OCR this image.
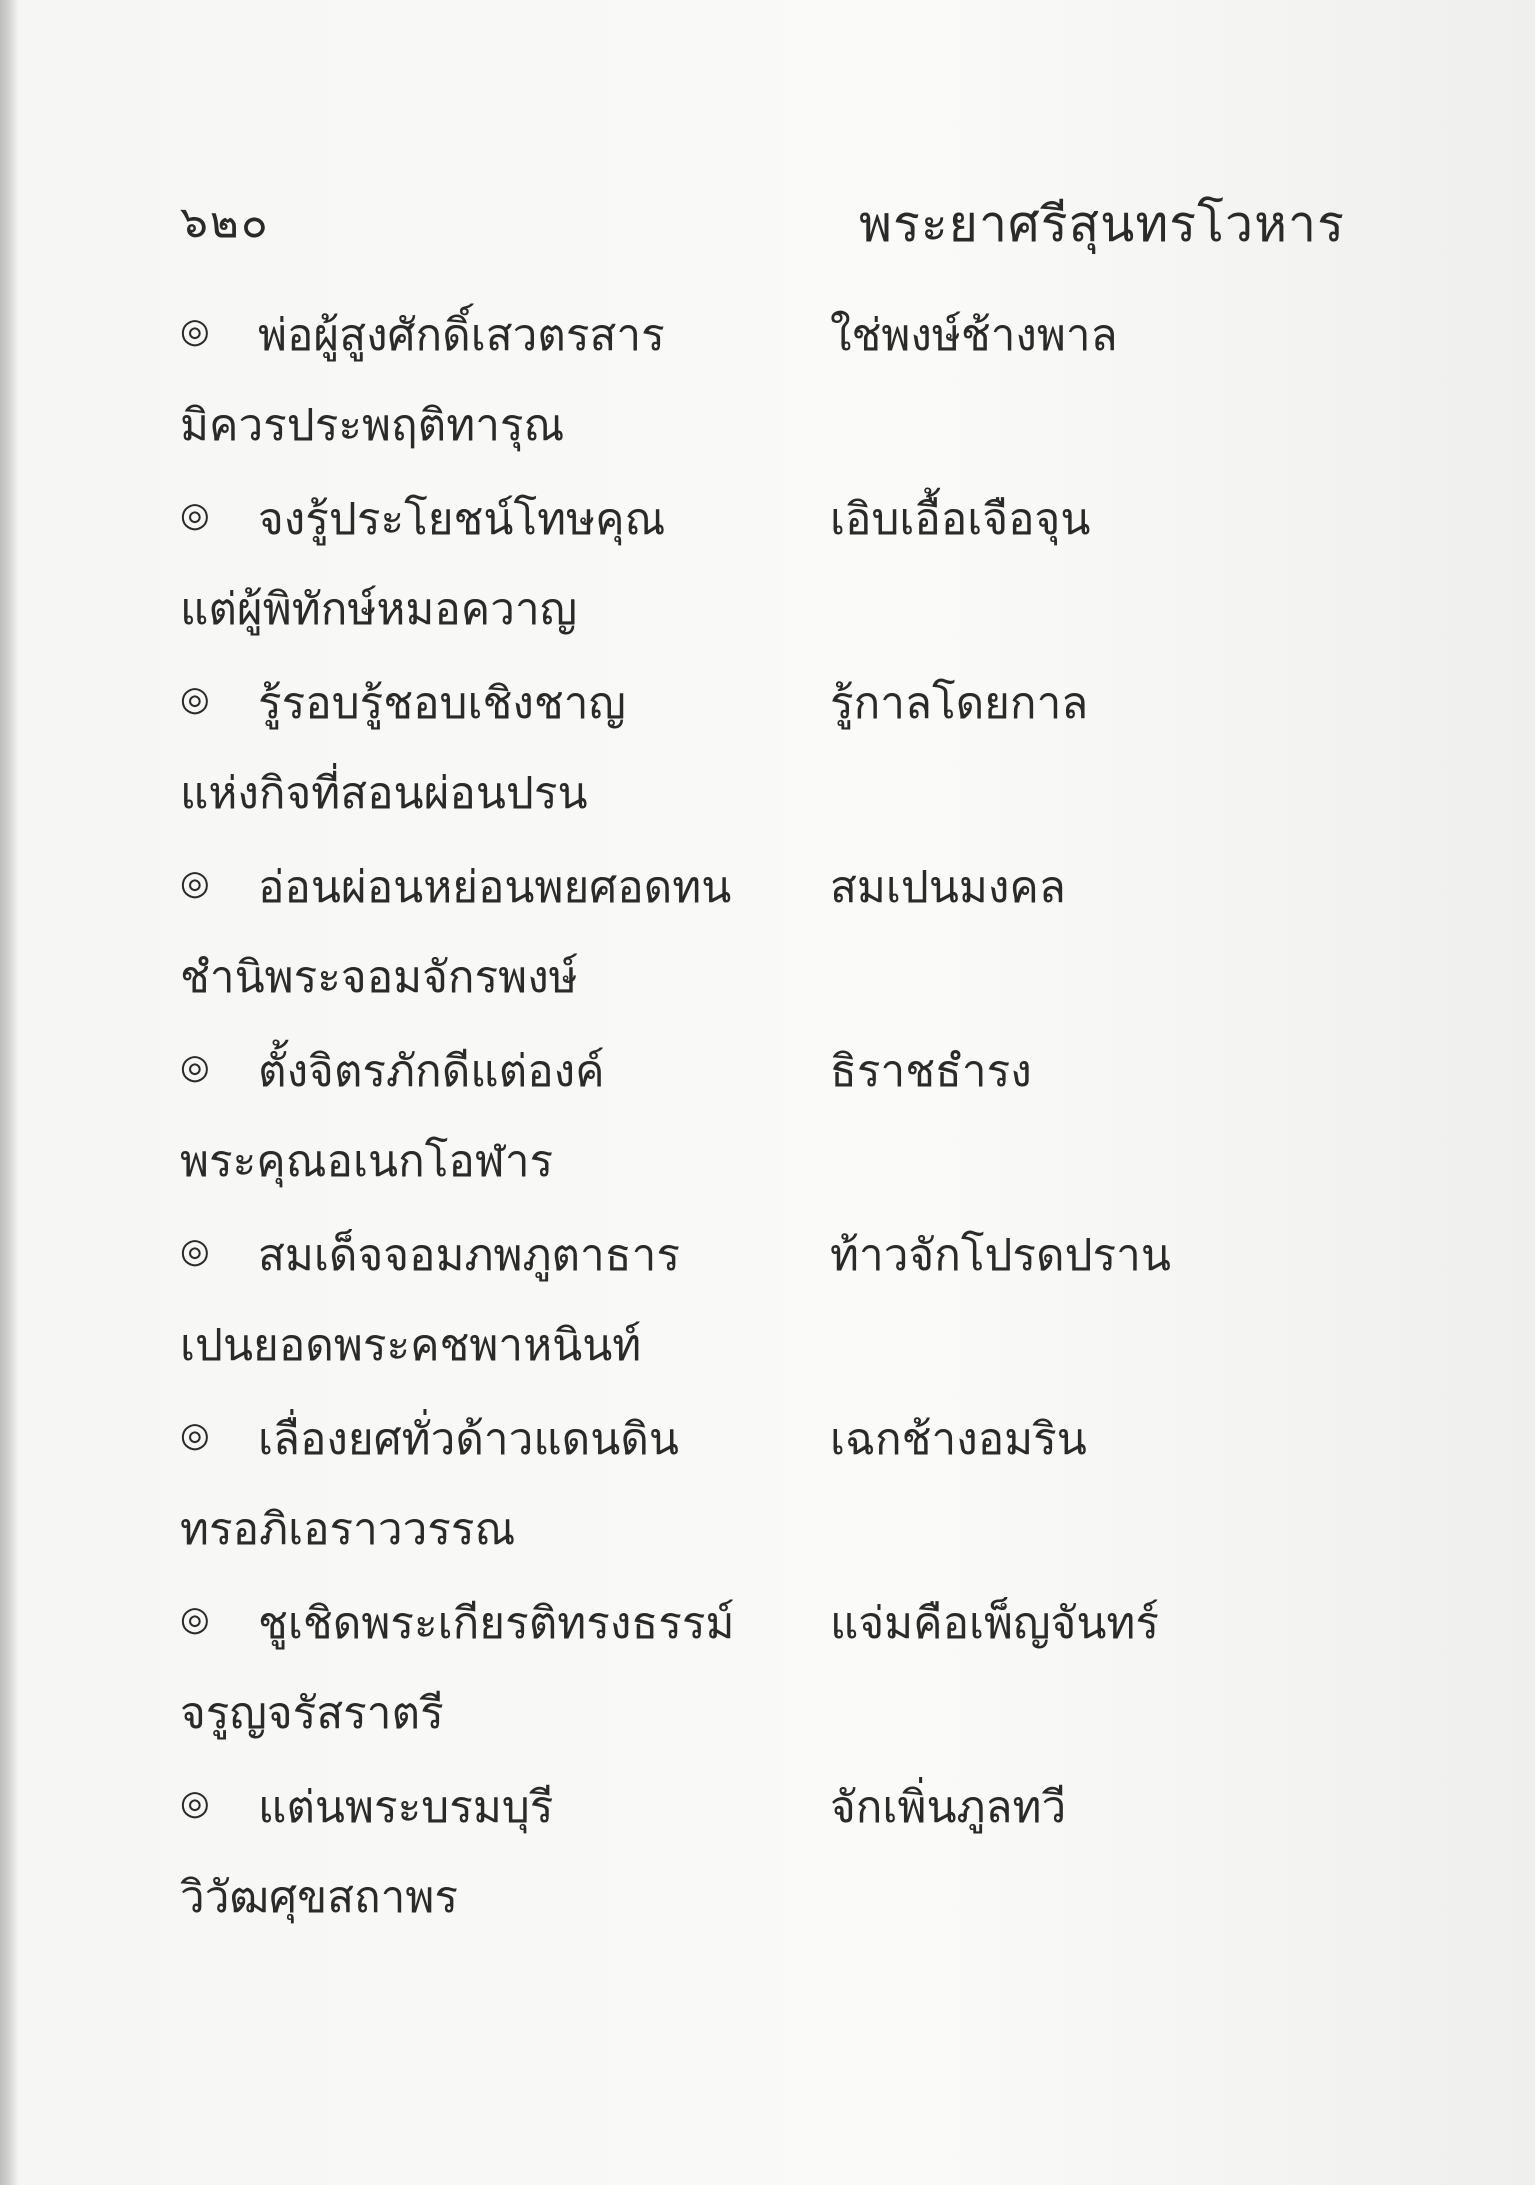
๖๒๐	พระยาศรีสุนทรโวหาร
◎ พ่อผู้สูงศักดิ์เสวตรสาร	ใช่พงษ์ช้างพาล
มิควรประพฤติทารุณ
◎ จงรู้ประโยชน์โทษคุณ	เอิบเอื้อเจือจุน
แต่ผู้พิทักษ์หมอควาญ
◎ รู้รอบรู้ชอบเชิงชาญ	รู้กาลโดยกาล
แห่งกิจที่สอนผ่อนปรน
◎ อ่อนผ่อนหย่อนพยศอดทน สมเปนมงคล
ชำนิพระจอมจักรพงษ์
◎ ตั้งจิตรภักดีแต่องค์	ธิราชธำรง
พระคุณอเนกโอฬาร
◎ สมเด็จจอมภพภูตาธาร	ท้าวจักโปรดปราน
เปนยอดพระคชพาหนินท์
◎ เลื่องยศทั่วด้าวแดนดิน	เฉกช้างอมริน
ทรอภิเอราววรรณ
◎ ชูเชิดพระเกียรติทรงธรรม์ แจ่มคือเพ็ญจันทร์
จรูญจรัสราตรี
◎ แต่นพระบรมบุรี	จักเพิ่นภูลทวี
วิวัฒศุขสถาพร
